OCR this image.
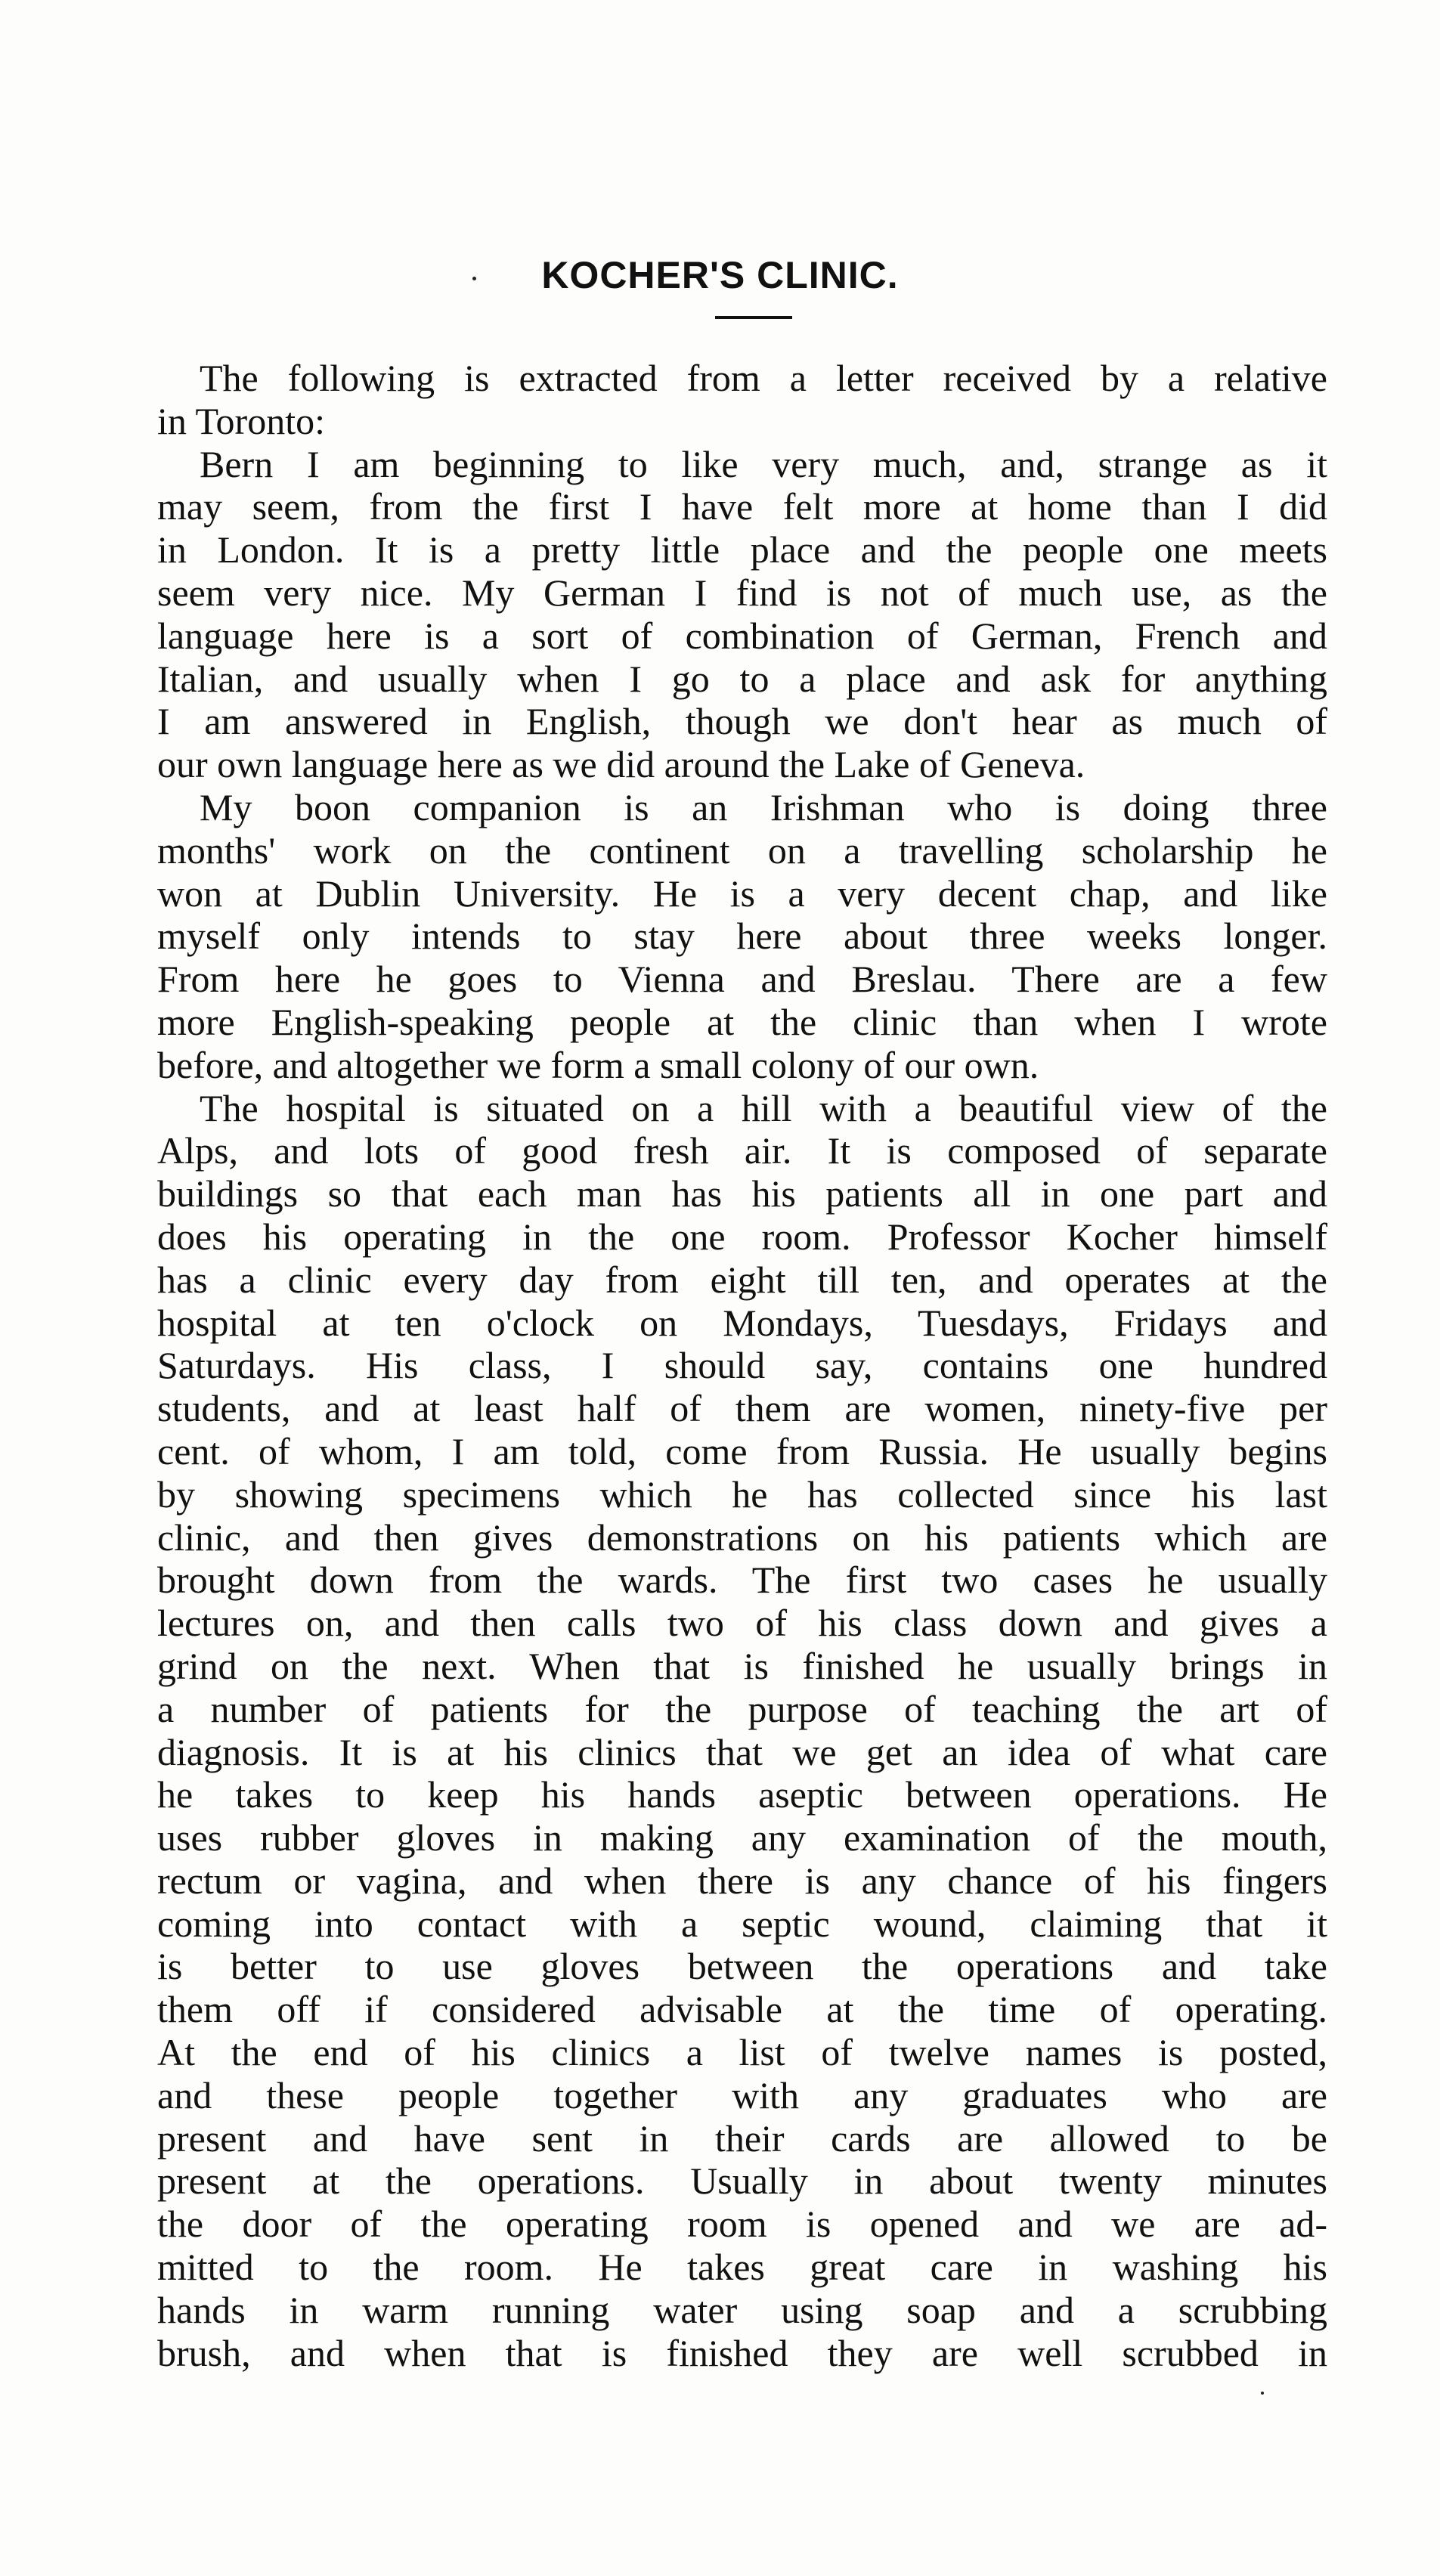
KOCHER'S CLINIC.
The following is extracted from a letter received by a relative
in Toronto:
Bern I am beginning to like very much, and, strange as it
may seem, from the first I have felt more at home than I did
in London. It is a pretty little place and the people one meets
seem very nice. My German I find is not of much use, as the
language here is a sort of combination of German, French and
Italian, and usually when I go to a place and ask for anything
I am answered in English, though we don't hear as much of
our own language here as we did around the Lake of Geneva.
My boon companion is an Irishman who is doing three
months' work on the continent on a travelling scholarship he
won at Dublin University. He is a very decent chap, and like
myself only intends to stay here about three weeks longer.
From here he goes to Vienna and Breslau. There are a few
more English-speaking people at the clinic than when I wrote
before, and altogether we form a small colony of our own.
The hospital is situated on a hill with a beautiful view of the
Alps, and lots of good fresh air. It is composed of separate
buildings so that each man has his patients all in one part and
does his operating in the one room. Professor Kocher himself
has a clinic every day from eight till ten, and operates at the
hospital at ten o'clock on Mondays, Tuesdays, Fridays and
Saturdays. His class, I should say, contains one hundred
students, and at least half of them are women, ninety-five per
cent. of whom, I am told, come from Russia. He usually begins
by showing specimens which he has collected since his last
clinic, and then gives demonstrations on his patients which are
brought down from the wards. The first two cases he usually
lectures on, and then calls two of his class down and gives a
grind on the next. When that is finished he usually brings in
a number of patients for the purpose of teaching the art of
diagnosis. It is at his clinics that we get an idea of what care
he takes to keep his hands aseptic between operations. He
uses rubber gloves in making any examination of the mouth,
rectum or vagina, and when there is any chance of his fingers
coming into contact with a septic wound, claiming that it
is better to use gloves between the operations and take
them off if considered advisable at the time of operating.
At the end of his clinics a list of twelve names is posted,
and these people together with any graduates who are
present and have sent in their cards are allowed to be
present at the operations. Usually in about twenty minutes
the door of the operating room is opened and we are ad-
mitted to the room. He takes great care in washing his
hands in warm running water using soap and a scrubbing
brush, and when that is finished they are well scrubbed in
